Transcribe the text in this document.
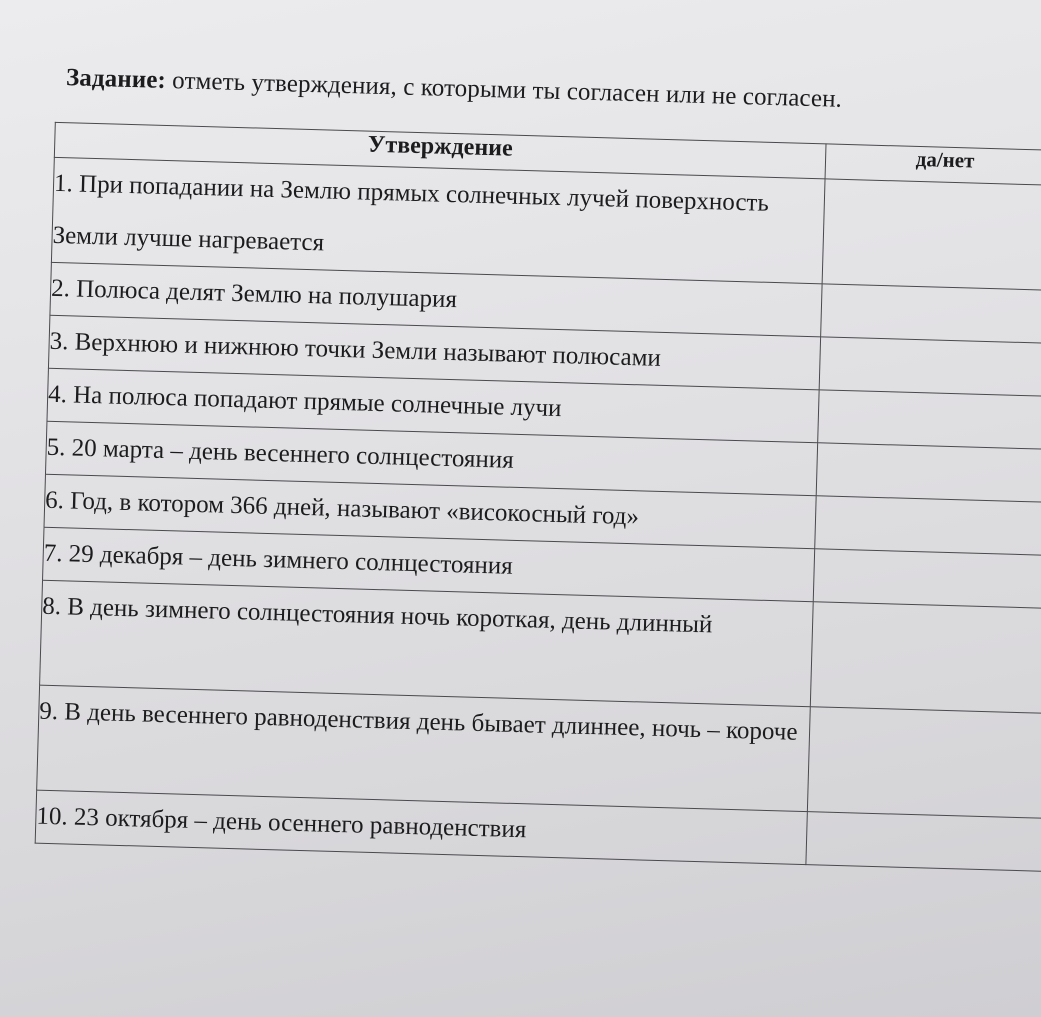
Задание: отметь утверждения, с которыми ты согласен или не согласен.
Утверждение	да/нет
1. При попадании на Землю прямых солнечных лучей поверхность Земли лучше нагревается	
2. Полюса делят Землю на полушария	
3. Верхнюю и нижнюю точки Земли называют полюсами	
4. На полюса попадают прямые солнечные лучи	
5. 20 марта – день весеннего солнцестояния	
6. Год, в котором 366 дней, называют «високосный год»	
7. 29 декабря – день зимнего солнцестояния	
8. В день зимнего солнцестояния ночь короткая, день длинный	
9. В день весеннего равноденствия день бывает длиннее, ночь – короче	
10. 23 октября – день осеннего равноденствия	
